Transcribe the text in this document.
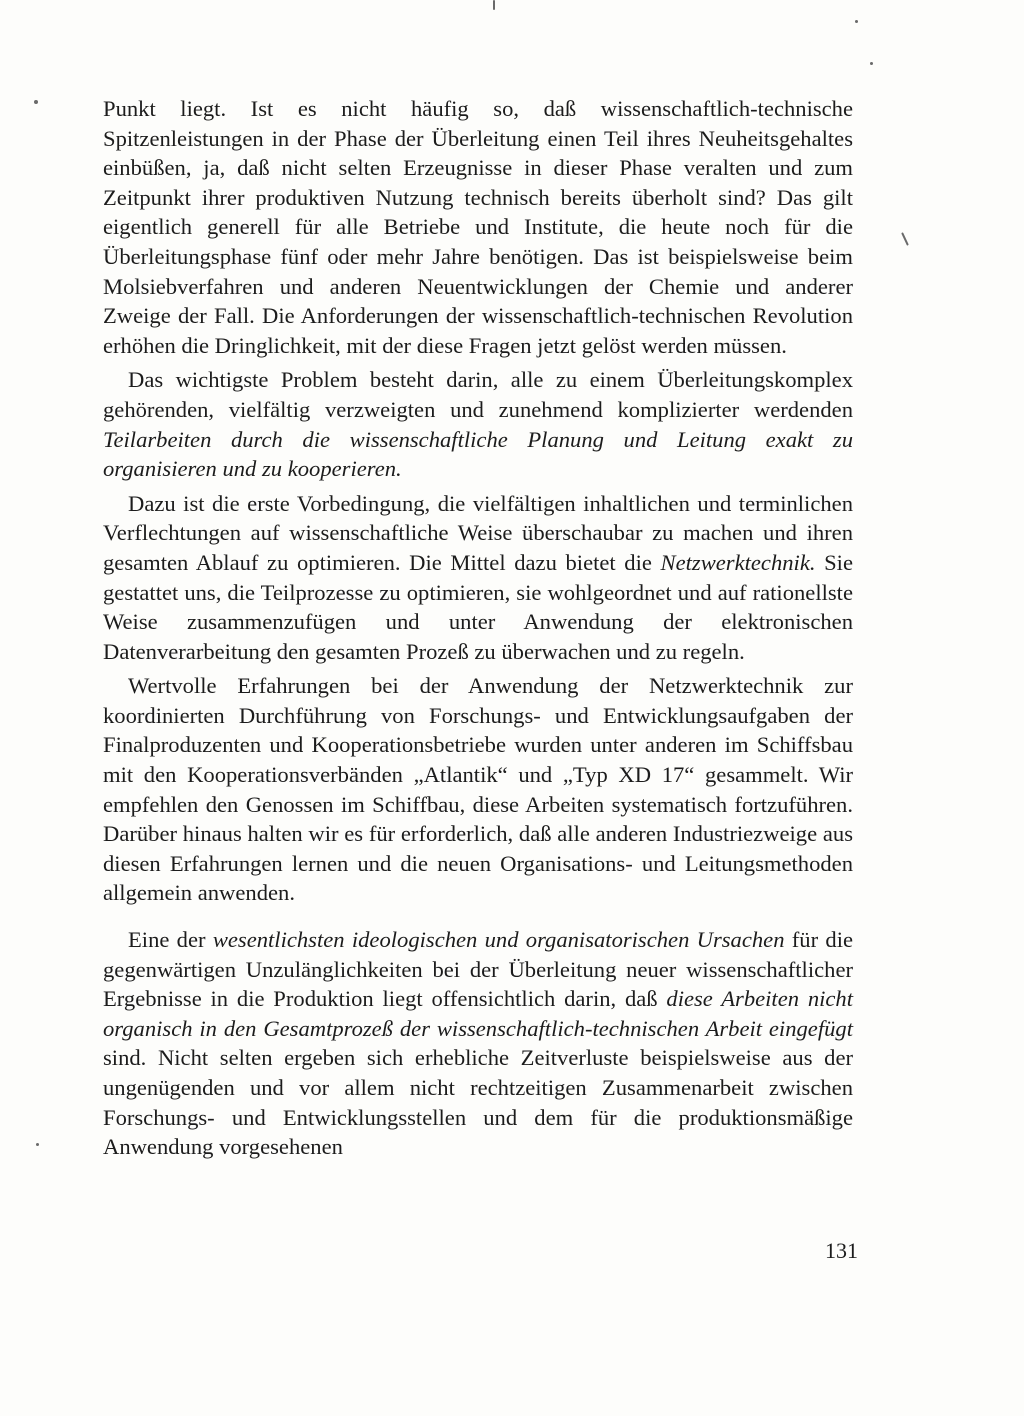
Punkt liegt. Ist es nicht häufig so, daß wissenschaftlich-technische Spitzenleistungen in der Phase der Überleitung einen Teil ihres Neuheitsgehaltes einbüßen, ja, daß nicht selten Erzeugnisse in dieser Phase veralten und zum Zeitpunkt ihrer produktiven Nutzung technisch bereits überholt sind? Das gilt eigentlich generell für alle Betriebe und Institute, die heute noch für die Überleitungsphase fünf oder mehr Jahre benötigen. Das ist beispielsweise beim Molsiebverfahren und anderen Neuentwicklungen der Chemie und anderer Zweige der Fall. Die Anforderungen der wissenschaftlich-technischen Revolution erhöhen die Dringlichkeit, mit der diese Fragen jetzt gelöst werden müssen.

Das wichtigste Problem besteht darin, alle zu einem Überleitungskomplex gehörenden, vielfältig verzweigten und zunehmend komplizierter werdenden Teilarbeiten durch die wissenschaftliche Planung und Leitung exakt zu organisieren und zu kooperieren.

Dazu ist die erste Vorbedingung, die vielfältigen inhaltlichen und terminlichen Verflechtungen auf wissenschaftliche Weise überschaubar zu machen und ihren gesamten Ablauf zu optimieren. Die Mittel dazu bietet die Netzwerktechnik. Sie gestattet uns, die Teilprozesse zu optimieren, sie wohlgeordnet und auf rationellste Weise zusammenzufügen und unter Anwendung der elektronischen Datenverarbeitung den gesamten Prozeß zu überwachen und zu regeln.

Wertvolle Erfahrungen bei der Anwendung der Netzwerktechnik zur koordinierten Durchführung von Forschungs- und Entwicklungsaufgaben der Finalproduzenten und Kooperationsbetriebe wurden unter anderen im Schiffsbau mit den Kooperationsverbänden „Atlantik“ und „Typ XD 17“ gesammelt. Wir empfehlen den Genossen im Schiffbau, diese Arbeiten systematisch fortzuführen. Darüber hinaus halten wir es für erforderlich, daß alle anderen Industriezweige aus diesen Erfahrungen lernen und die neuen Organisations- und Leitungsmethoden allgemein anwenden.

Eine der wesentlichsten ideologischen und organisatorischen Ursachen für die gegenwärtigen Unzulänglichkeiten bei der Überleitung neuer wissenschaftlicher Ergebnisse in die Produktion liegt offensichtlich darin, daß diese Arbeiten nicht organisch in den Gesamtprozeß der wissenschaftlich-technischen Arbeit eingefügt sind. Nicht selten ergeben sich erhebliche Zeitverluste beispielsweise aus der ungenügenden und vor allem nicht rechtzeitigen Zusammenarbeit zwischen Forschungs- und Entwicklungsstellen und dem für die produktionsmäßige Anwendung vorgesehenen

131
